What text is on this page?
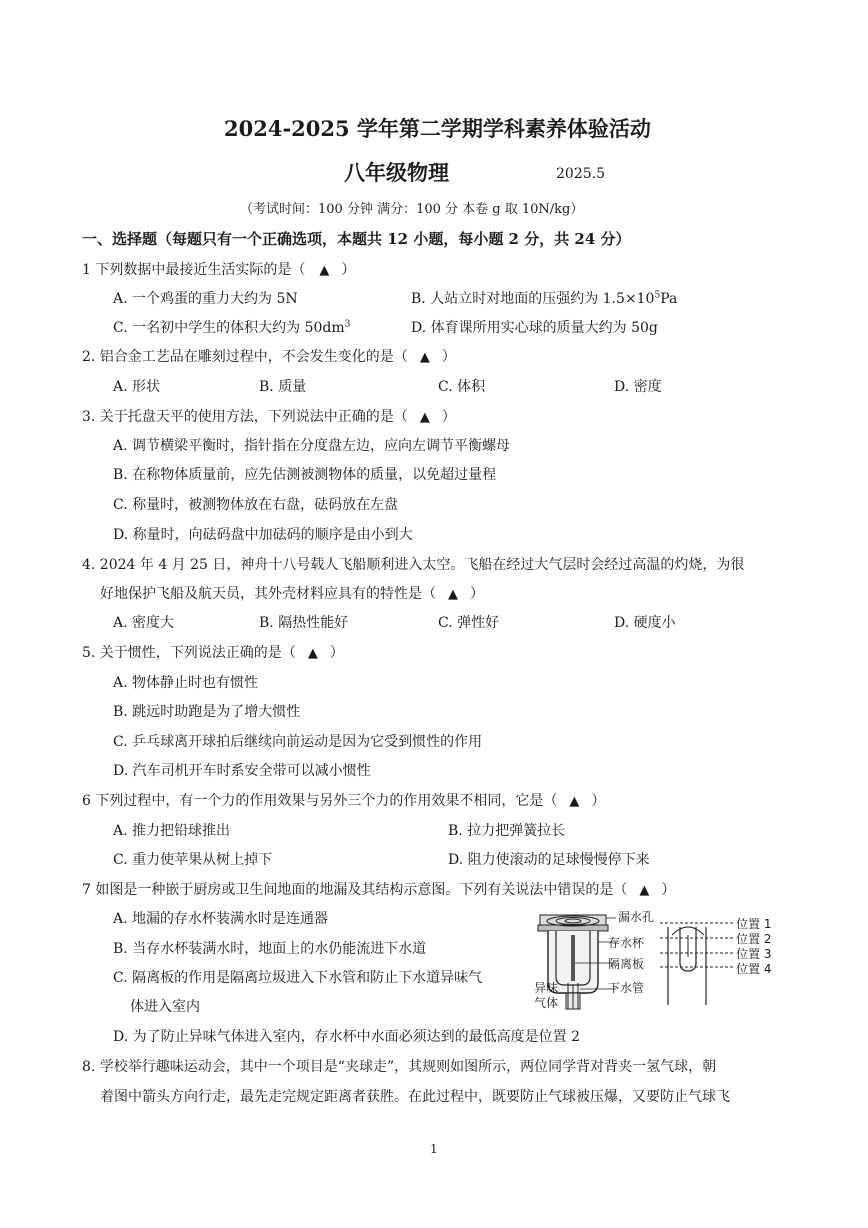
2024-2025 学年第二学期学科素养体验活动
八年级物理	2025.5
（考试时间：100 分钟 满分：100 分 本卷 g 取 10N/kg）
一、选择题（每题只有一个正确选项，本题共 12 小题，每小题 2 分，共 24 分）
1 下列数据中最接近生活实际的是（ ▲ ）
A. 一个鸡蛋的重力大约为 5N	B. 人站立时对地面的压强约为 $1.5\times 10^5Pa$
C. 一名初中学生的体积大约为 $50dm^3$	D. 体育课所用实心球的质量大约为 50g
2. 铝合金工艺品在雕刻过程中，不会发生变化的是（ ▲ ）
A. 形状	B. 质量	C. 体积	D. 密度
3. 关于托盘天平的使用方法，下列说法中正确的是（ ▲ ）
A. 调节横梁平衡时，指针指在分度盘左边，应向左调节平衡螺母
B. 在称物体质量前，应先估测被测物体的质量，以免超过量程
C. 称量时，被测物体放在右盘，砝码放在左盘
D. 称量时，向砝码盘中加砝码的顺序是由小到大
4. 2024 年 4 月 25 日，神舟十八号载人飞船顺利进入太空。飞船在经过大气层时会经过高温的灼烧，为很
好地保护飞船及航天员，其外壳材料应具有的特性是（ ▲ ）
A. 密度大	B. 隔热性能好	C. 弹性好	D. 硬度小
5. 关于惯性，下列说法正确的是（ ▲ ）
A. 物体静止时也有惯性
B. 跳远时助跑是为了增大惯性
C. 乒乓球离开球拍后继续向前运动是因为它受到惯性的作用
D. 汽车司机开车时系安全带可以减小惯性
6 下列过程中，有一个力的作用效果与另外三个力的作用效果不相同，它是（ ▲ ）
A. 推力把铅球推出	B. 拉力把弹簧拉长
C. 重力使苹果从树上掉下	D. 阻力使滚动的足球慢慢停下来
7 如图是一种嵌于厨房或卫生间地面的地漏及其结构示意图。下列有关说法中错误的是（ ▲ ）
A. 地漏的存水杯装满水时是连通器
B. 当存水杯装满水时，地面上的水仍能流进下水道
C. 隔离板的作用是隔离垃圾进入下水管和防止下水道异味气
体进入室内
D. 为了防止异味气体进入室内，存水杯中水面必须达到的最低高度是位置 2
漏水孔
存水杯
隔离板
下水管
异味
气体
位置 1
位置 2
位置 3
位置 4
8. 学校举行趣味运动会，其中一个项目是“夹球走”，其规则如图所示，两位同学背对背夹一氢气球，朝
着图中箭头方向行走，最先走完规定距离者获胜。在此过程中，既要防止气球被压爆，又要防止气球飞
1
